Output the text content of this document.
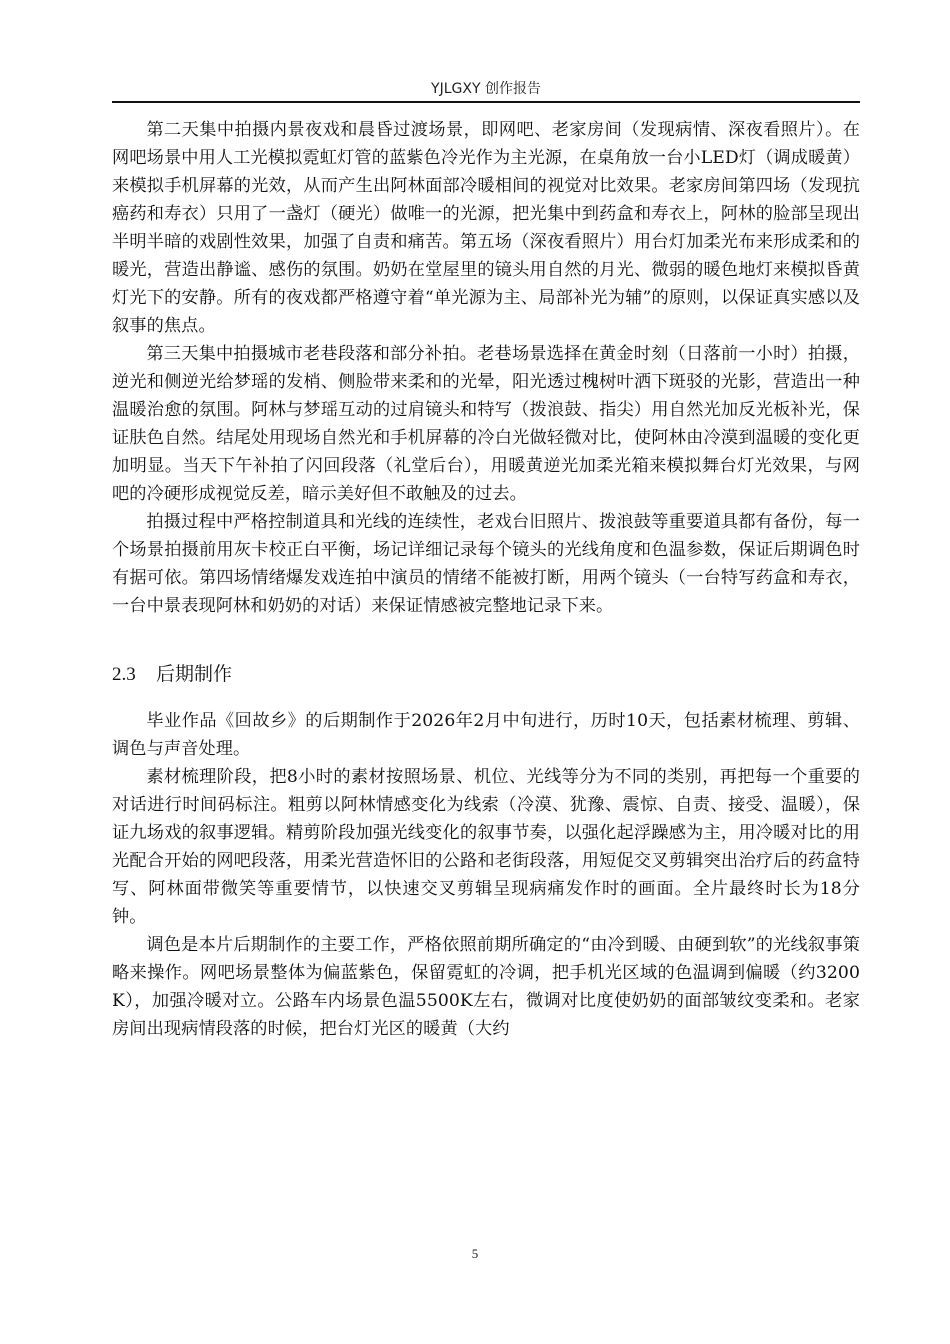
YJLGXY 创作报告

第二天集中拍摄内景夜戏和晨昏过渡场景，即网吧、老家房间（发现病情、深夜看照片）。在网吧场景中用人工光模拟霓虹灯管的蓝紫色冷光作为主光源，在桌角放一台小LED灯（调成暖黄）来模拟手机屏幕的光效，从而产生出阿林面部冷暖相间的视觉对比效果。老家房间第四场（发现抗癌药和寿衣）只用了一盏灯（硬光）做唯一的光源，把光集中到药盒和寿衣上，阿林的脸部呈现出半明半暗的戏剧性效果，加强了自责和痛苦。第五场（深夜看照片）用台灯加柔光布来形成柔和的暖光，营造出静谧、感伤的氛围。奶奶在堂屋里的镜头用自然的月光、微弱的暖色地灯来模拟昏黄灯光下的安静。所有的夜戏都严格遵守着“单光源为主、局部补光为辅”的原则，以保证真实感以及叙事的焦点。

第三天集中拍摄城市老巷段落和部分补拍。老巷场景选择在黄金时刻（日落前一小时）拍摄，逆光和侧逆光给梦瑶的发梢、侧脸带来柔和的光晕，阳光透过槐树叶洒下斑驳的光影，营造出一种温暖治愈的氛围。阿林与梦瑶互动的过肩镜头和特写（拨浪鼓、指尖）用自然光加反光板补光，保证肤色自然。结尾处用现场自然光和手机屏幕的冷白光做轻微对比，使阿林由冷漠到温暖的变化更加明显。当天下午补拍了闪回段落（礼堂后台），用暖黄逆光加柔光箱来模拟舞台灯光效果，与网吧的冷硬形成视觉反差，暗示美好但不敢触及的过去。

拍摄过程中严格控制道具和光线的连续性，老戏台旧照片、拨浪鼓等重要道具都有备份，每一个场景拍摄前用灰卡校正白平衡，场记详细记录每个镜头的光线角度和色温参数，保证后期调色时有据可依。第四场情绪爆发戏连拍中演员的情绪不能被打断，用两个镜头（一台特写药盒和寿衣，一台中景表现阿林和奶奶的对话）来保证情感被完整地记录下来。

2.3 后期制作

毕业作品《回故乡》的后期制作于2026年2月中旬进行，历时10天，包括素材梳理、剪辑、调色与声音处理。

素材梳理阶段，把8小时的素材按照场景、机位、光线等分为不同的类别，再把每一个重要的对话进行时间码标注。粗剪以阿林情感变化为线索（冷漠、犹豫、震惊、自责、接受、温暖），保证九场戏的叙事逻辑。精剪阶段加强光线变化的叙事节奏，以强化起浮躁感为主，用冷暖对比的用光配合开始的网吧段落，用柔光营造怀旧的公路和老街段落，用短促交叉剪辑突出治疗后的药盒特写、阿林面带微笑等重要情节，以快速交叉剪辑呈现病痛发作时的画面。全片最终时长为18分钟。

调色是本片后期制作的主要工作，严格依照前期所确定的“由冷到暖、由硬到软”的光线叙事策略来操作。网吧场景整体为偏蓝紫色，保留霓虹的冷调，把手机光区域的色温调到偏暖（约3200K），加强冷暖对立。公路车内场景色温5500K左右，微调对比度使奶奶的面部皱纹变柔和。老家房间出现病情段落的时候，把台灯光区的暖黄（大约

5
